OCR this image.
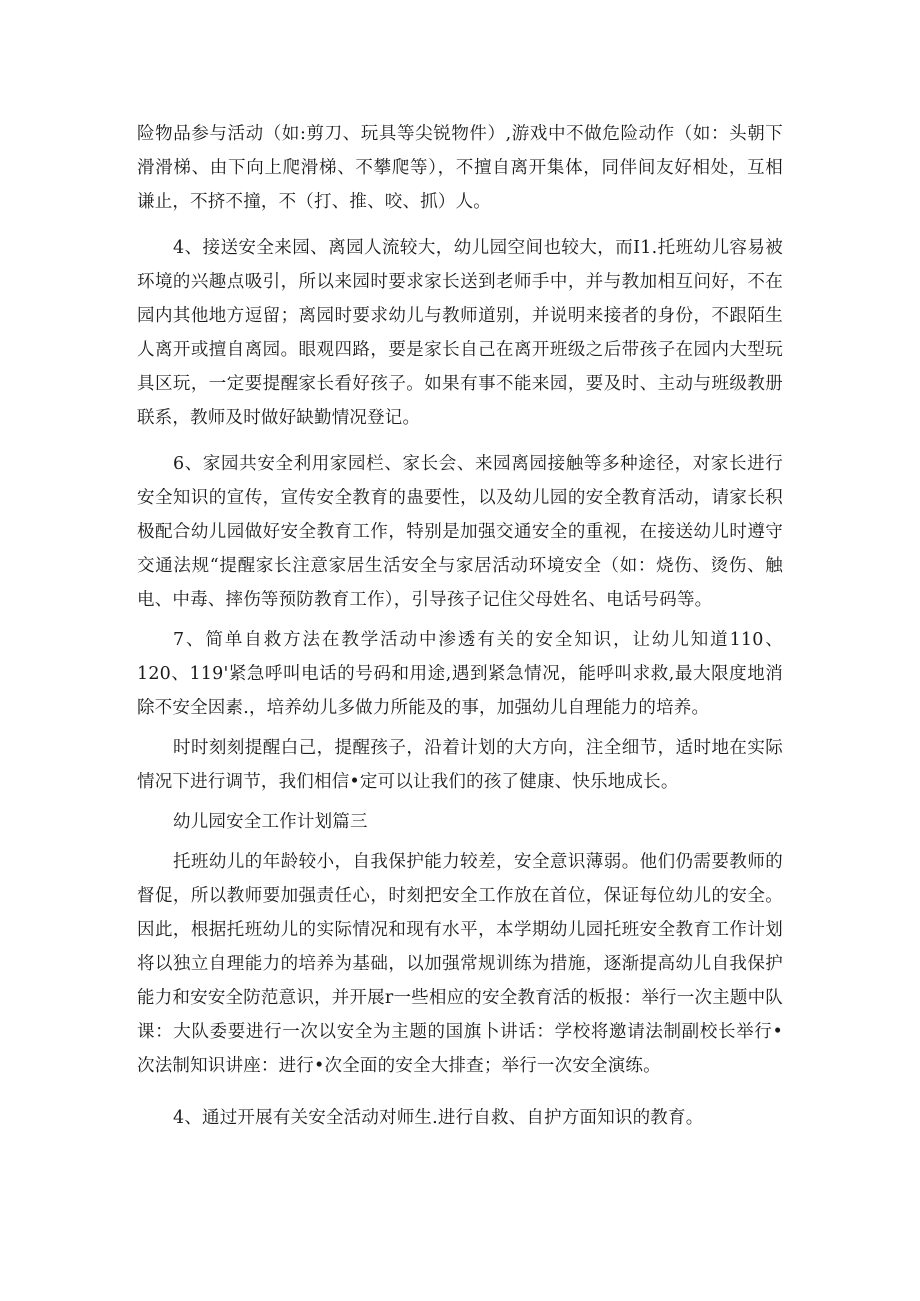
险物品参与活动（如:剪刀、玩具等尖锐物件）,游戏中不做危险动作（如：头朝下滑滑梯、由下向上爬滑梯、不攀爬等），不擅自离开集体，同伴间友好相处，互相谦止，不挤不撞，不（打、推、咬、抓）人。

4、接送安全来园、离园人流较大，幼儿园空间也较大，而I1.托班幼儿容易被环境的兴趣点吸引，所以来园时要求家长送到老师手中，并与教加相互问好，不在园内其他地方逗留；离园时要求幼儿与教师道别，并说明来接者的身份，不跟陌生人离开或擅自离园。眼观四路，要是家长自己在离开班级之后带孩子在园内大型玩具区玩，一定要提醒家长看好孩子。如果有事不能来园，要及时、主动与班级教册联系，教师及时做好缺勤情况登记。

6、家园共安全利用家园栏、家长会、来园离园接触等多种途径，对家长进行安全知识的宣传，宣传安全教育的蛊要性，以及幼儿园的安全教育活动，请家长积极配合幼儿园做好安全教育工作，特别是加强交通安全的重视，在接送幼儿时遵守交通法规“提醒家长注意家居生活安全与家居活动环境安全（如：烧伤、烫伤、触电、中毒、摔伤等预防教育工作），引导孩子记住父母姓名、电话号码等。

7、简单自救方法在教学活动中渗透有关的安全知识，让幼儿知道110、120、119'紧急呼叫电话的号码和用途,遇到紧急情况，能呼叫求救,最大限度地消除不安全因素.，培养幼儿多做力所能及的事，加强幼儿自理能力的培养。

时时刻刻提醒白己，提醒孩子，沿着计划的大方向，注全细节，适时地在实际情况下进行调节，我们相信•定可以让我们的孩了健康、快乐地成长。

幼儿园安全工作计划篇三

托班幼儿的年龄较小，自我保护能力较差，安全意识薄弱。他们仍需要教师的督促，所以教师要加强责任心，时刻把安全工作放在首位，保证每位幼儿的安全。因此，根据托班幼儿的实际情况和现有水平，本学期幼儿园托班安全教育工作计划将以独立自理能力的培养为基础，以加强常规训练为措施，逐渐提高幼儿自我保护能力和安安全防范意识，并开展r一些相应的安全教育活的板报：举行一次主题中队课：大队委要进行一次以安全为主题的国旗卜讲话：学校将邀请法制副校长举行•次法制知识讲座：进行•次全面的安全大排查；举行一次安全演练。

4、通过开展有关安全活动对师生.进行自救、自护方面知识的教育。
